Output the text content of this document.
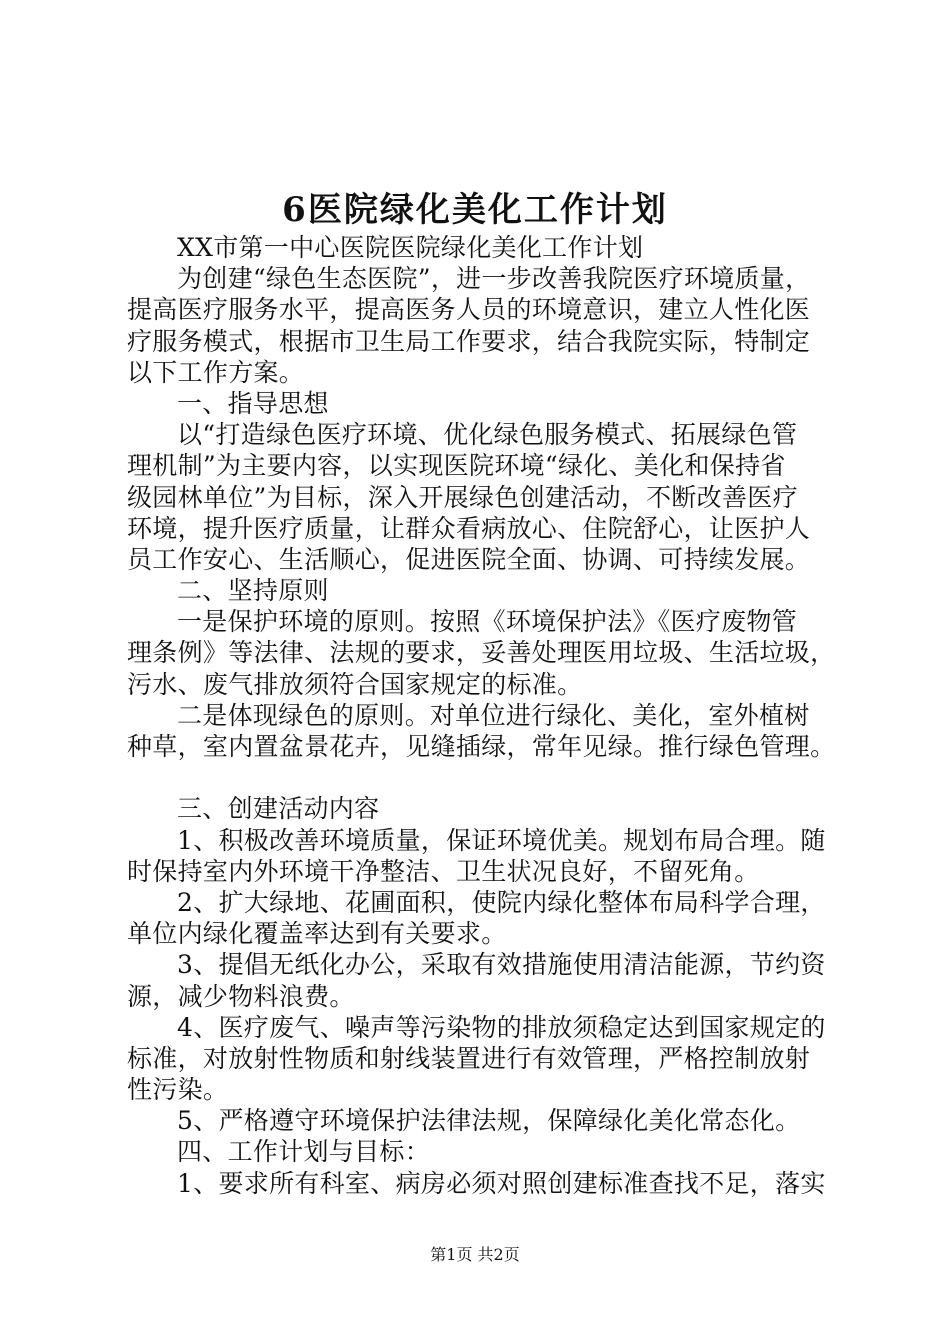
6医院绿化美化工作计划
XX市第一中心医院医院绿化美化工作计划
为创建“绿色生态医院”，进一步改善我院医疗环境质量，
提高医疗服务水平，提高医务人员的环境意识，建立人性化医
疗服务模式，根据市卫生局工作要求，结合我院实际，特制定
以下工作方案。
一、指导思想
以“打造绿色医疗环境、优化绿色服务模式、拓展绿色管
理机制”为主要内容，以实现医院环境“绿化、美化和保持省
级园林单位”为目标，深入开展绿色创建活动，不断改善医疗
环境，提升医疗质量，让群众看病放心、住院舒心，让医护人
员工作安心、生活顺心，促进医院全面、协调、可持续发展。
二、坚持原则
一是保护环境的原则。按照《环境保护法》《医疗废物管
理条例》等法律、法规的要求，妥善处理医用垃圾、生活垃圾，
污水、废气排放须符合国家规定的标准。
二是体现绿色的原则。对单位进行绿化、美化，室外植树
种草，室内置盆景花卉，见缝插绿，常年见绿。推行绿色管理。
三、创建活动内容
1、积极改善环境质量，保证环境优美。规划布局合理。随
时保持室内外环境干净整洁、卫生状况良好，不留死角。
2、扩大绿地、花圃面积，使院内绿化整体布局科学合理，
单位内绿化覆盖率达到有关要求。
3、提倡无纸化办公，采取有效措施使用清洁能源，节约资
源，减少物料浪费。
4、医疗废气、噪声等污染物的排放须稳定达到国家规定的
标准，对放射性物质和射线装置进行有效管理，严格控制放射
性污染。
5、严格遵守环境保护法律法规，保障绿化美化常态化。
四、工作计划与目标：
1、要求所有科室、病房必须对照创建标准查找不足，落实
第1页 共2页
